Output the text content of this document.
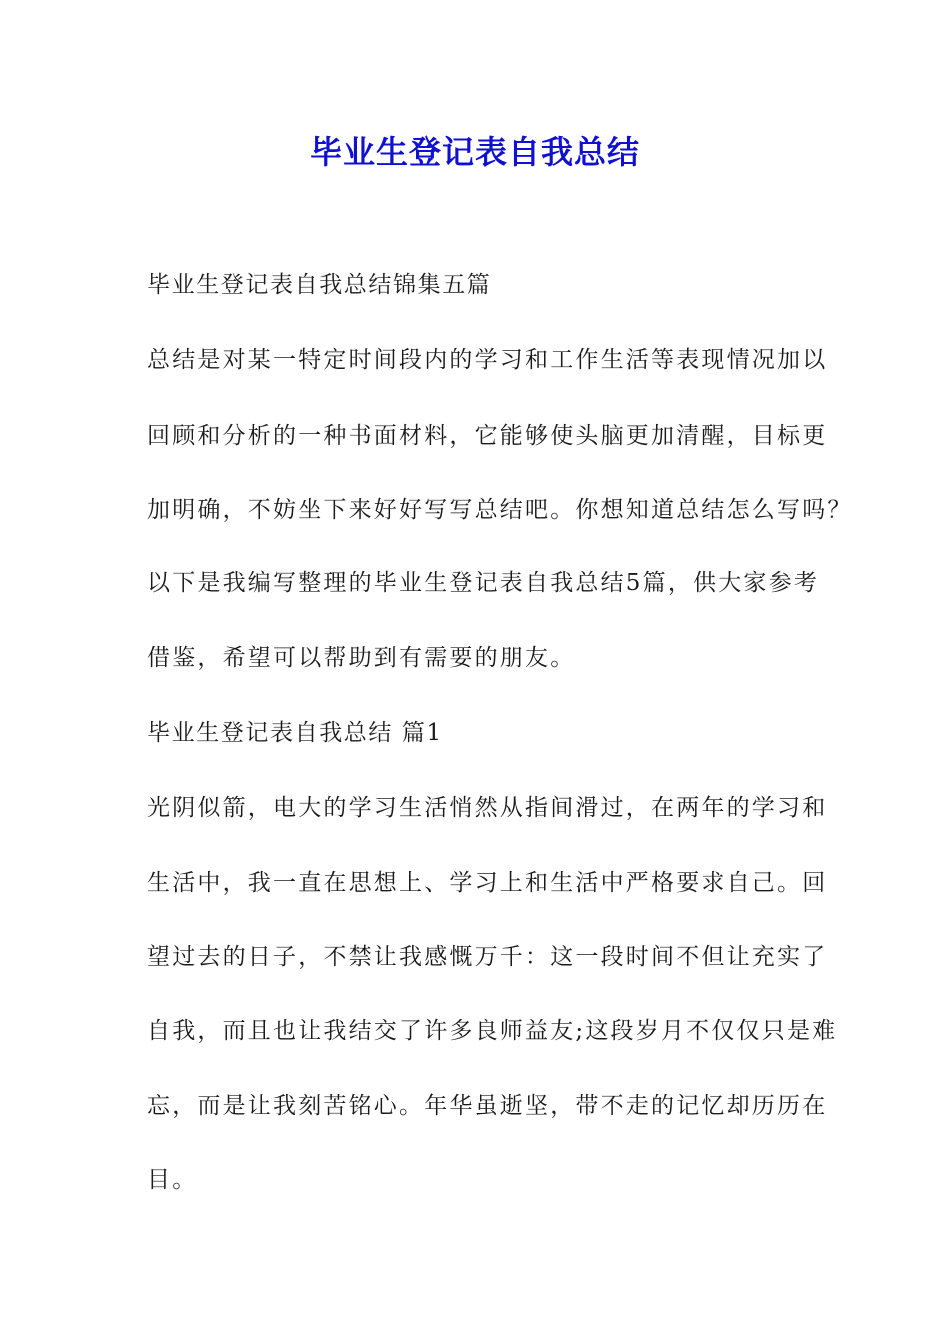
毕业生登记表自我总结

毕业生登记表自我总结锦集五篇

总结是对某一特定时间段内的学习和工作生活等表现情况加以

回顾和分析的一种书面材料，它能够使头脑更加清醒，目标更

加明确，不妨坐下来好好写写总结吧。你想知道总结怎么写吗？

以下是我编写整理的毕业生登记表自我总结5篇，供大家参考

借鉴，希望可以帮助到有需要的朋友。

毕业生登记表自我总结 篇1

光阴似箭，电大的学习生活悄然从指间滑过，在两年的学习和

生活中，我一直在思想上、学习上和生活中严格要求自己。回

望过去的日子，不禁让我感慨万千：这一段时间不但让充实了

自我，而且也让我结交了许多良师益友;这段岁月不仅仅只是难

忘，而是让我刻苦铭心。年华虽逝坚，带不走的记忆却历历在

目。
